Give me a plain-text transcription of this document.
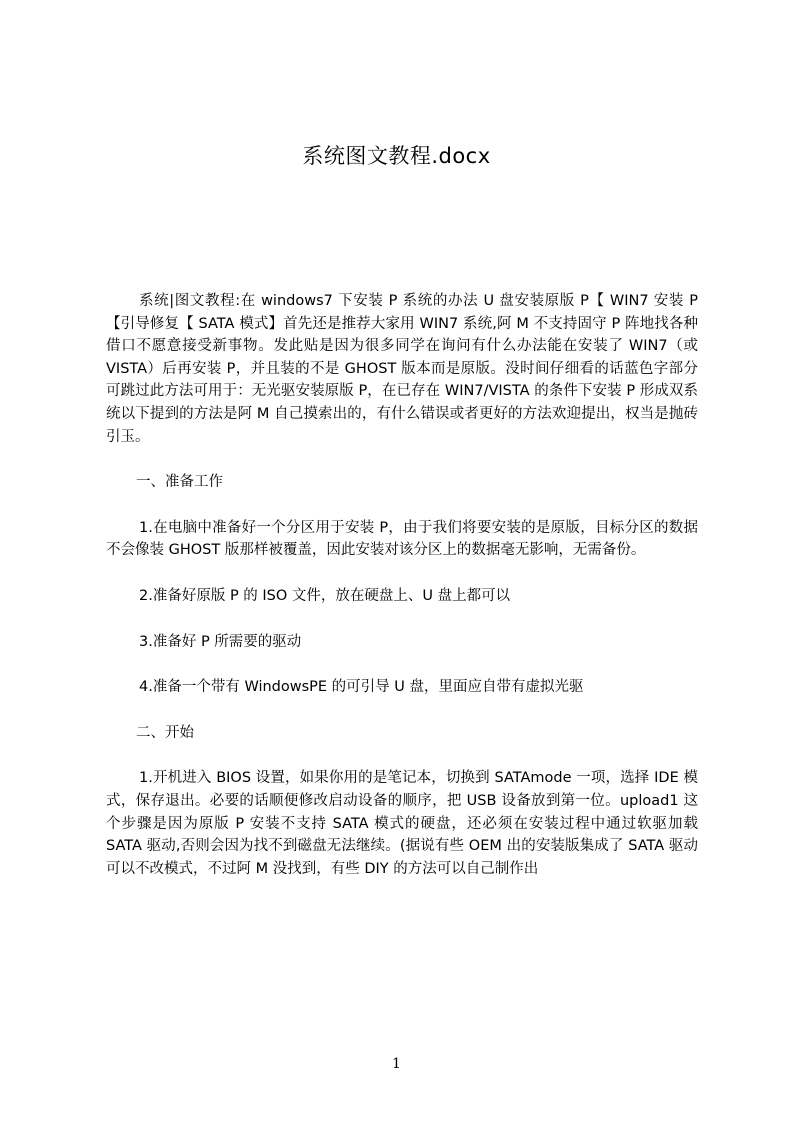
系统图文教程.docx

系统|图文教程:在 windows7 下安装 P 系统的办法 U 盘安装原版 P【 WIN7 安装 P【引导修复【 SATA 模式】首先还是推荐大家用 WIN7 系统,阿 M 不支持固守 P 阵地找各种借口不愿意接受新事物。发此贴是因为很多同学在询问有什么办法能在安装了 WIN7（或 VISTA）后再安装 P，并且装的不是 GHOST 版本而是原版。没时间仔细看的话蓝色字部分可跳过此方法可用于：无光驱安装原版 P，在已存在 WIN7/VISTA 的条件下安装 P 形成双系统以下提到的方法是阿 M 自己摸索出的，有什么错误或者更好的方法欢迎提出，权当是抛砖引玉。

一、准备工作

1.在电脑中准备好一个分区用于安装 P，由于我们将要安装的是原版，目标分区的数据不会像装 GHOST 版那样被覆盖，因此安装对该分区上的数据毫无影响，无需备份。

2.准备好原版 P 的 ISO 文件，放在硬盘上、U 盘上都可以

3.准备好 P 所需要的驱动

4.准备一个带有 WindowsPE 的可引导 U 盘，里面应自带有虚拟光驱

二、开始

1.开机进入 BIOS 设置，如果你用的是笔记本，切换到 SATAmode 一项，选择 IDE 模式，保存退出。必要的话顺便修改启动设备的顺序，把 USB 设备放到第一位。upload1 这个步骤是因为原版 P 安装不支持 SATA 模式的硬盘，还必须在安装过程中通过软驱加载 SATA 驱动,否则会因为找不到磁盘无法继续。(据说有些 OEM 出的安装版集成了 SATA 驱动可以不改模式，不过阿 M 没找到，有些 DIY 的方法可以自己制作出

1
